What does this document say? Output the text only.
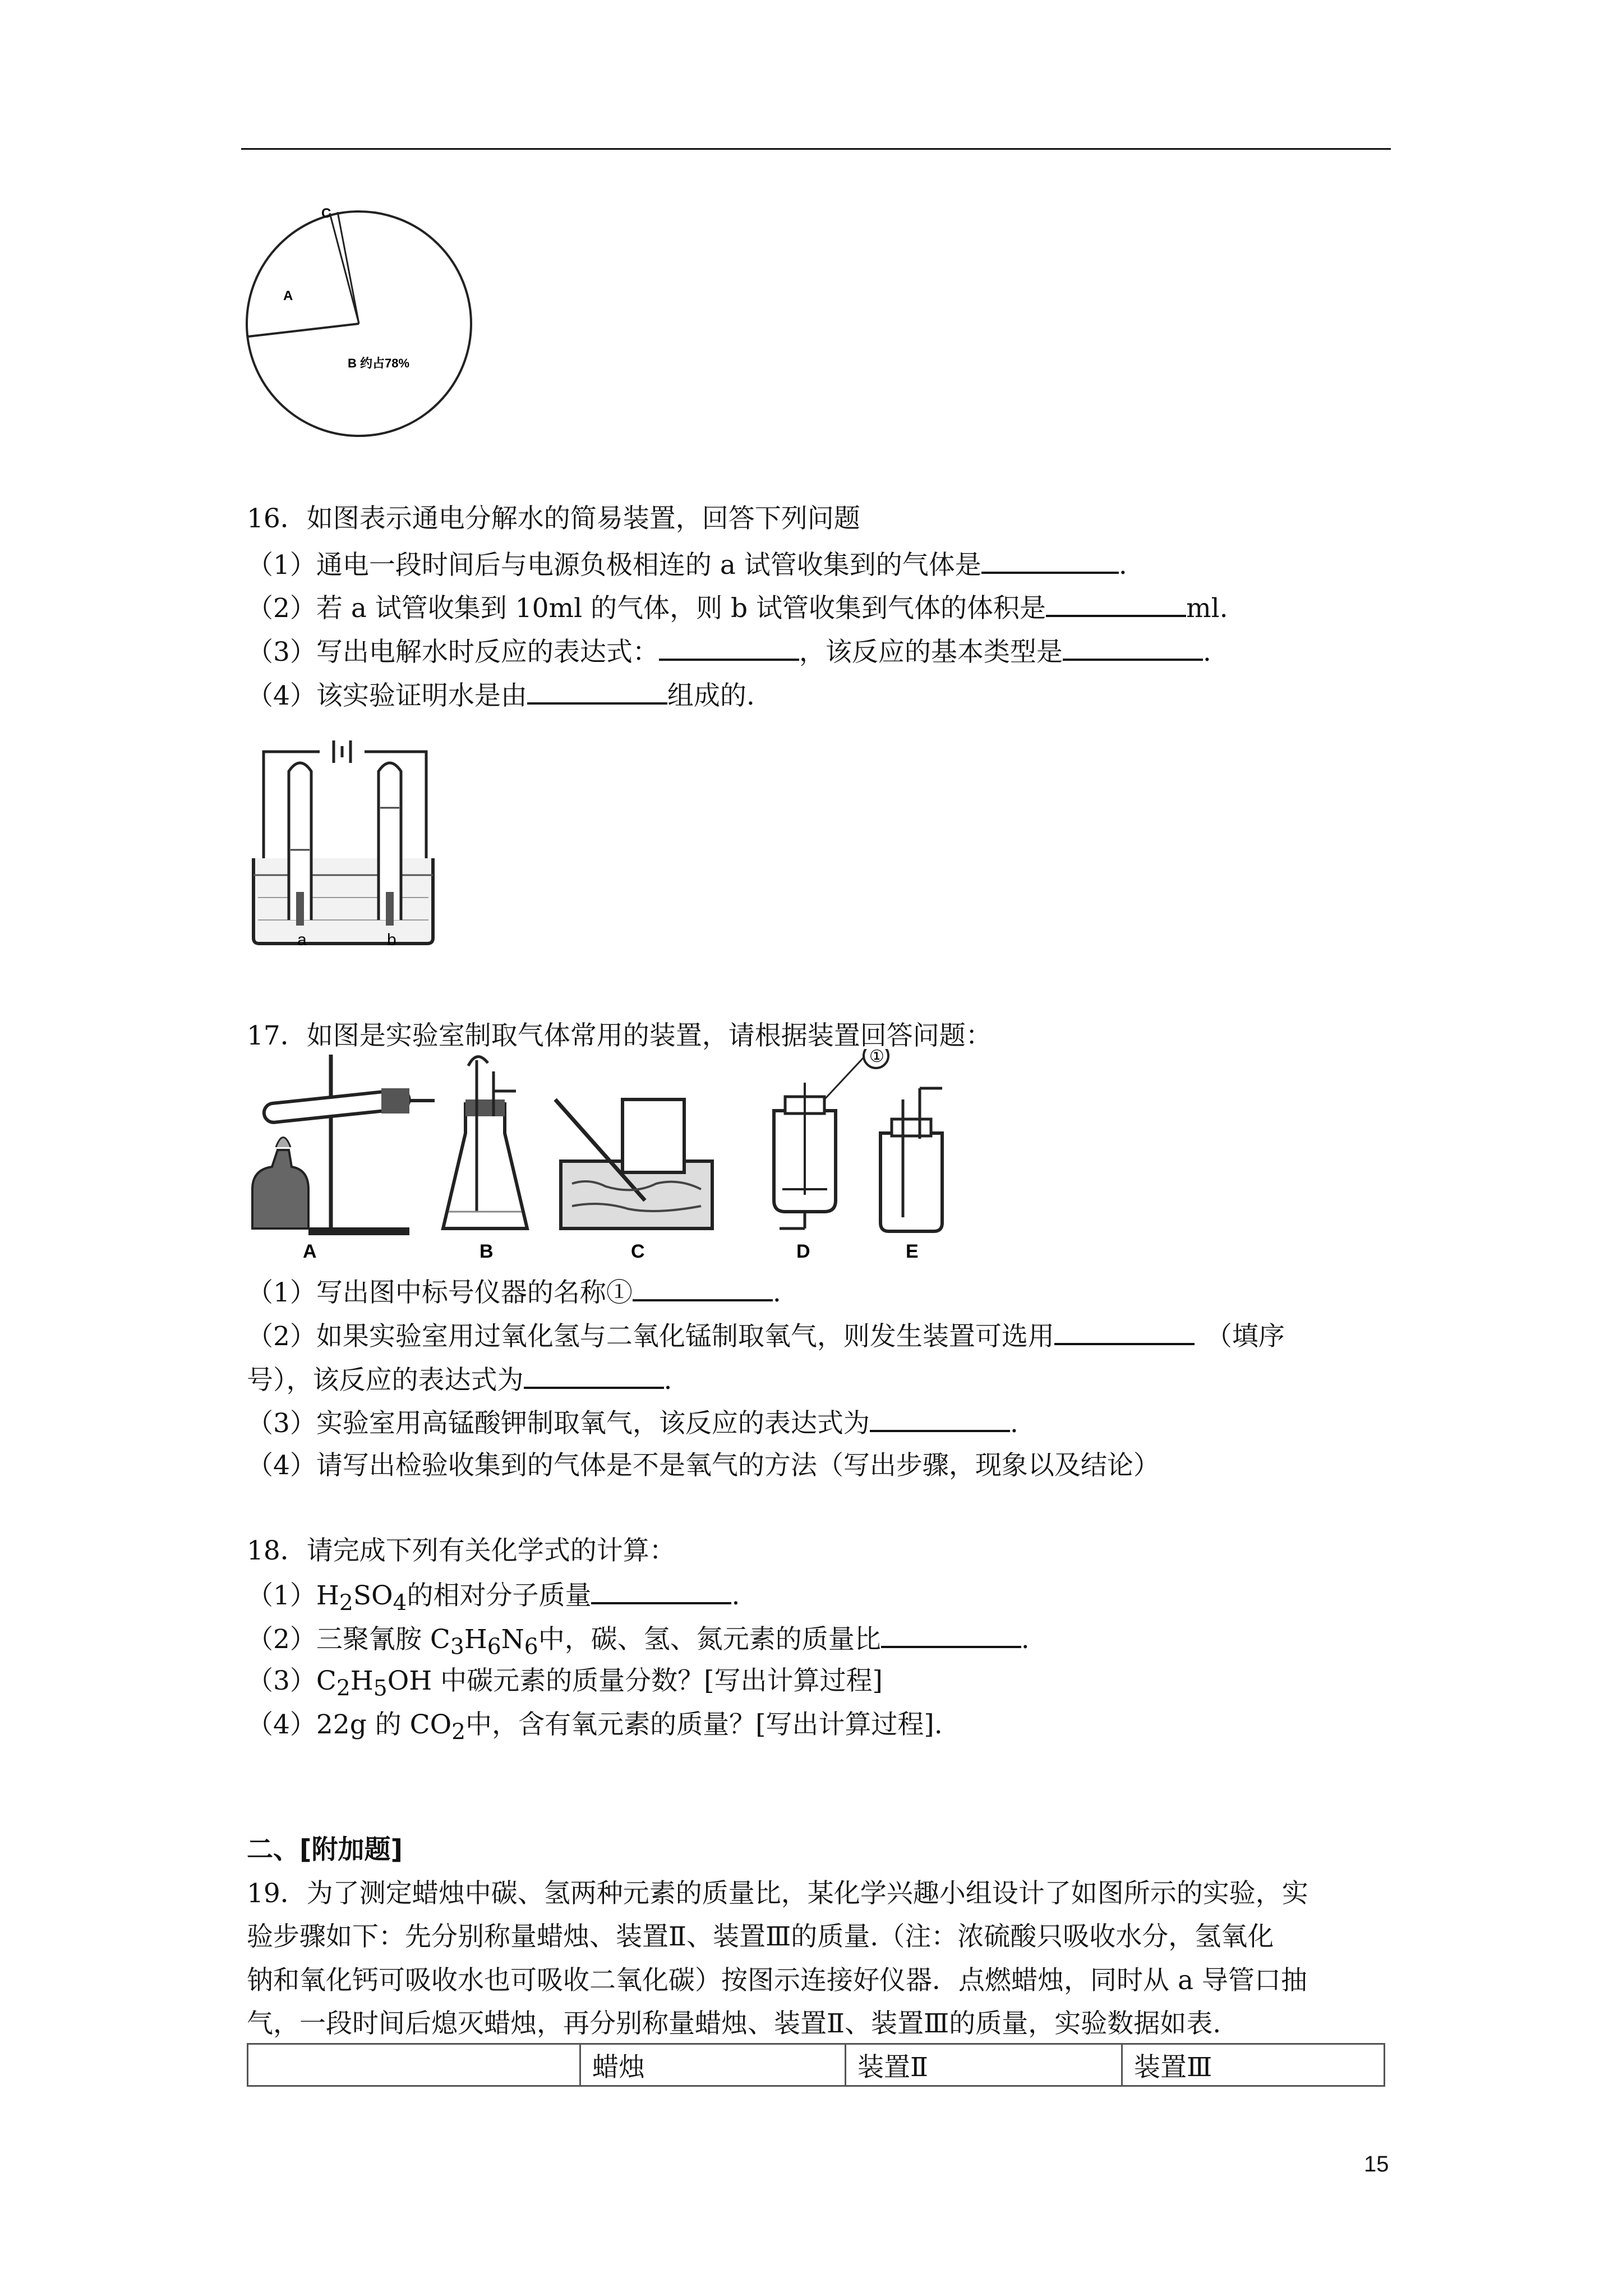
A
C
B 约占78%
16．如图表示通电分解水的简易装置，回答下列问题
（1）通电一段时间后与电源负极相连的 a 试管收集到的气体是	.
（2）若 a 试管收集到 10ml 的气体，则 b 试管收集到气体的体积是	ml.
（3）写出电解水时反应的表达式：	，该反应的基本类型是	.
（4）该实验证明水是由	组成的.
a	b
17．如图是实验室制取气体常用的装置，请根据装置回答问题：
①
A	B	C	D	E
（1）写出图中标号仪器的名称①	.
（2）如果实验室用过氧化氢与二氧化锰制取氧气，则发生装置可选用	（填序
号），该反应的表达式为	.
（3）实验室用高锰酸钾制取氧气，该反应的表达式为	.
（4）请写出检验收集到的气体是不是氧气的方法（写出步骤，现象以及结论）
18．请完成下列有关化学式的计算：
$(1)H_2SO_4$的相对分子质量	.
（2）三聚氰胺 $C_3H_6N_6$中，碳、氢、氮元素的质量比	.
$(3)C_2H_5OH$ 中碳元素的质量分数？[写出计算过程]
（4）22g 的 $CO_2$中，含有氧元素的质量？[写出计算过程].
二、[附加题]
19．为了测定蜡烛中碳、氢两种元素的质量比，某化学兴趣小组设计了如图所示的实验，实
验步骤如下：先分别称量蜡烛、装置Ⅱ、装置Ⅲ的质量.（注：浓硫酸只吸收水分，氢氧化
钠和氧化钙可吸收水也可吸收二氧化碳）按图示连接好仪器．点燃蜡烛，同时从 a 导管口抽
气，一段时间后熄灭蜡烛，再分别称量蜡烛、装置Ⅱ、装置Ⅲ的质量，实验数据如表.
	蜡烛	装置Ⅱ	装置Ⅲ
15
